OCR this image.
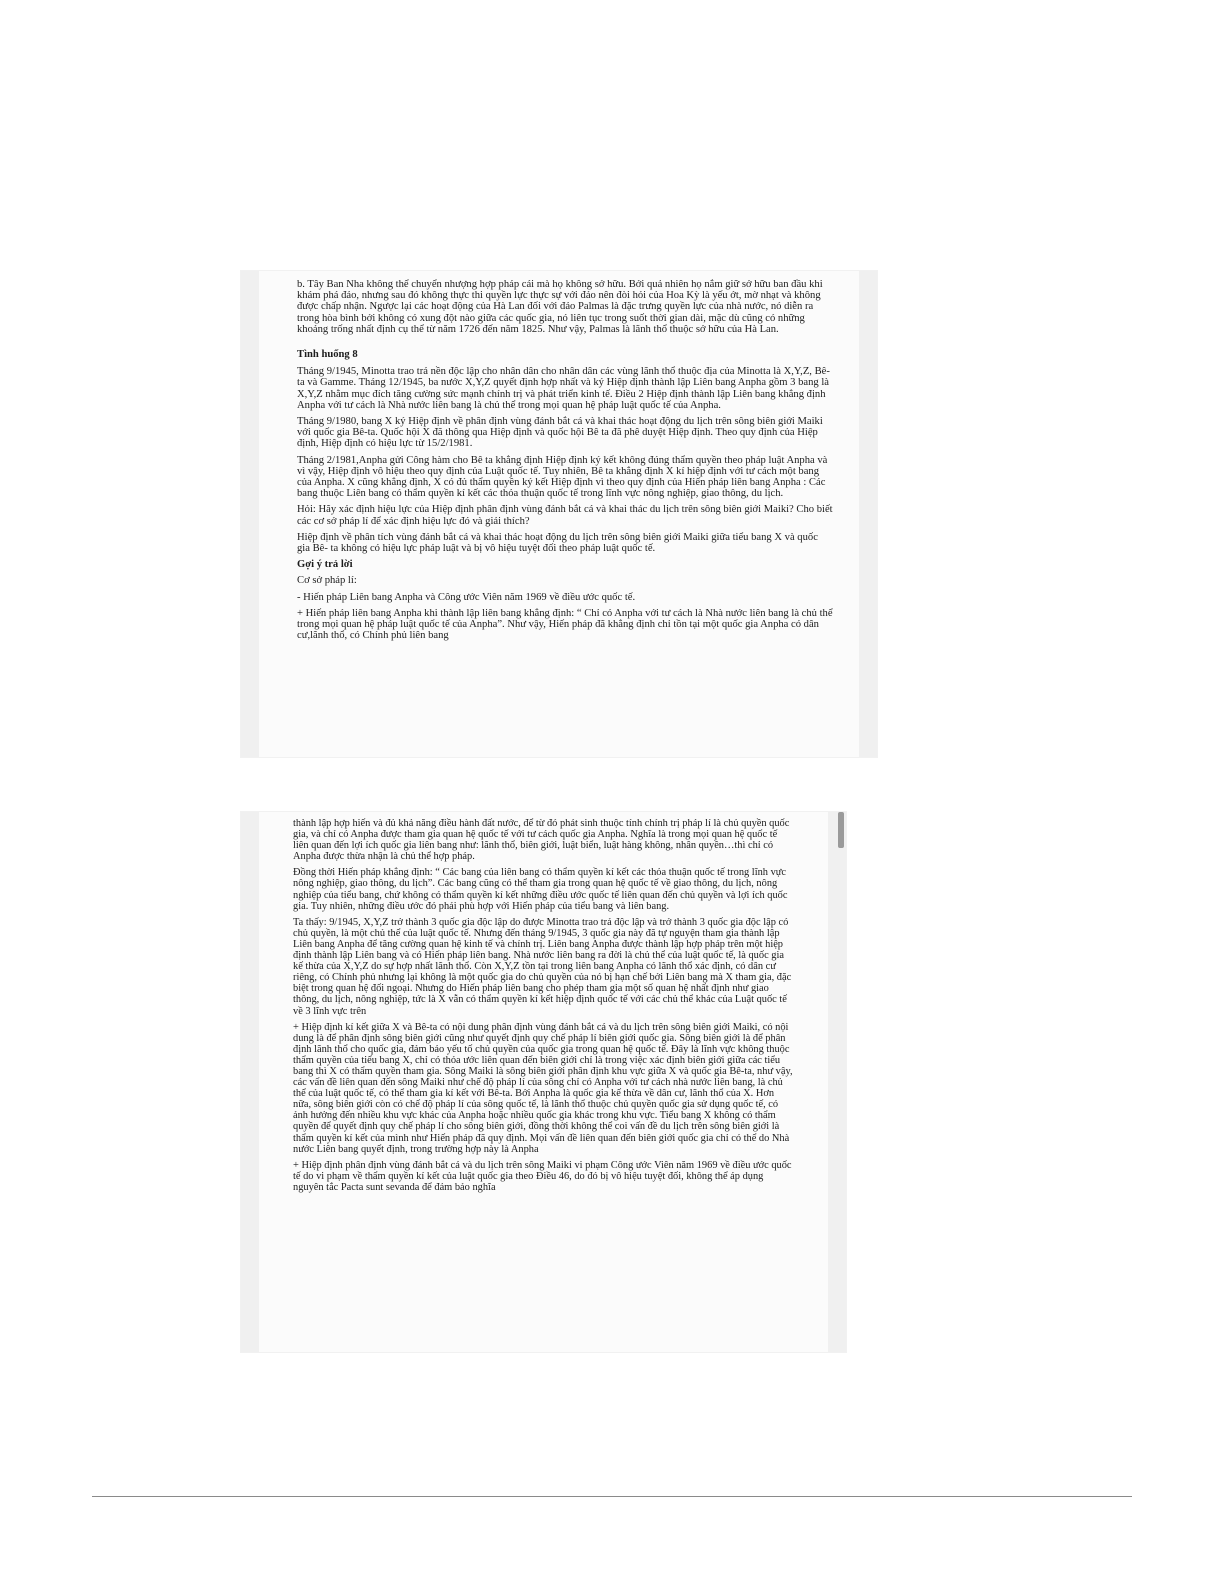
b. Tây Ban Nha không thể chuyển nhượng hợp pháp cái mà họ không sở hữu. Bởi quả nhiên họ nắm giữ sở hữu ban đầu khi khám phá đảo, nhưng sau đó không thực thi quyền lực thực sự với đảo nên đòi hỏi của Hoa Kỳ là yếu ớt, mờ nhạt và không được chấp nhận. Ngược lại các hoạt động của Hà Lan đối với đảo Palmas là đặc trưng quyền lực của nhà nước, nó diễn ra trong hòa bình bởi không có xung đột nào giữa các quốc gia, nó liên tục trong suốt thời gian dài, mặc dù cũng có những khoảng trống nhất định cụ thể từ năm 1726 đến năm 1825. Như vậy, Palmas là lãnh thổ thuộc sở hữu của Hà Lan.

Tình huống 8

Tháng 9/1945, Minotta trao trả nền độc lập cho nhân dân cho nhân dân các vùng lãnh thổ thuộc địa của Minotta là X,Y,Z, Bê- ta và Gamme. Tháng 12/1945, ba nước X,Y,Z quyết định hợp nhất và ký Hiệp định thành lập Liên bang Anpha gồm 3 bang là X,Y,Z nhằm mục đích tăng cường sức mạnh chính trị và phát triển kinh tế. Điều 2 Hiệp định thành lập Liên bang khẳng định Anpha với tư cách là Nhà nước liên bang là chủ thể trong mọi quan hệ pháp luật quốc tế của Anpha.

Tháng 9/1980, bang X ký Hiệp định về phân định vùng đánh bắt cá và khai thác hoạt động du lịch trên sông biên giới Maiki với quốc gia Bê-ta. Quốc hội X đã thông qua Hiệp định và quốc hội Bê ta đã phê duyệt Hiệp định. Theo quy định của Hiệp định, Hiệp định có hiệu lực từ 15/2/1981.

Tháng 2/1981,Anpha gửi Công hàm cho Bê ta khẳng định Hiệp định ký kết không đúng thẩm quyền theo pháp luật Anpha và vì vậy, Hiệp định vô hiệu theo quy định của Luật quốc tế. Tuy nhiên, Bê ta khẳng định X kí hiệp định với tư cách một bang của Anpha. X cũng khẳng định, X có đủ thẩm quyền ký kết Hiệp định vì theo quy định của Hiến pháp liên bang Anpha : Các bang thuộc Liên bang có thẩm quyền kí kết các thỏa thuận quốc tế trong lĩnh vực nông nghiệp, giao thông, du lịch.

Hỏi: Hãy xác định hiệu lực của Hiệp định phân định vùng đánh bắt cá và khai thác du lịch trên sông biên giới Maiki? Cho biết các cơ sở pháp lí để xác định hiệu lực đó và giải thích?

Hiệp định về phân tích vùng đánh bắt cá và khai thác hoạt động du lịch trên sông biên giới Maiki giữa tiểu bang X và quốc gia Bê- ta không có hiệu lực pháp luật và bị vô hiệu tuyệt đối theo pháp luật quốc tế.

Gợi ý trả lời

Cơ sở pháp lí:

- Hiến pháp Liên bang Anpha và Công ước Viên năm 1969 về điều ước quốc tế.

+ Hiến pháp liên bang Anpha khi thành lập liên bang khẳng định: “ Chỉ có Anpha với tư cách là Nhà nước liên bang là chủ thể trong mọi quan hệ pháp luật quốc tế của Anpha”. Như vậy, Hiến pháp đã khẳng định chỉ tồn tại một quốc gia Anpha có dân cư,lãnh thổ, có Chính phủ liên bang

thành lập hợp hiến và đủ khả năng điều hành đất nước, để từ đó phát sinh thuộc tính chính trị pháp lí là chủ quyền quốc gia, và chỉ có Anpha được tham gia quan hệ quốc tế với tư cách quốc gia Anpha. Nghĩa là trong mọi quan hệ quốc tế liên quan đến lợi ích quốc gia liên bang như: lãnh thổ, biên giới, luật biển, luật hàng không, nhân quyền…thì chỉ có Anpha được thừa nhận là chủ thể hợp pháp.

Đồng thời Hiến pháp khẳng định: “ Các bang của liên bang có thẩm quyền kí kết các thỏa thuận quốc tế trong lĩnh vực nông nghiệp, giao thông, du lịch”. Các bang cũng có thể tham gia trong quan hệ quốc tế về giao thông, du lịch, nông nghiệp của tiểu bang, chứ không có thẩm quyền kí kết những điều ước quốc tế liên quan đến chủ quyền và lợi ích quốc gia. Tuy nhiên, những điều ước đó phải phù hợp với Hiến pháp của tiểu bang và liên bang.

Ta thấy: 9/1945, X,Y,Z trở thành 3 quốc gia độc lập do được Minotta trao trả độc lập và trở thành 3 quốc gia độc lập có chủ quyền, là một chủ thể của luật quốc tế. Nhưng đến tháng 9/1945, 3 quốc gia này đã tự nguyện tham gia thành lập Liên bang Anpha để tăng cường quan hệ kinh tế và chính trị. Liên bang Anpha được thành lập hợp pháp trên một hiệp định thành lập Liên bang và có Hiến pháp liên bang. Nhà nước liên bang ra đời là chủ thể của luật quốc tế, là quốc gia kế thừa của X,Y,Z do sự hợp nhất lãnh thổ. Còn X,Y,Z tồn tại trong liên bang Anpha có lãnh thổ xác định, có dân cư riêng, có Chính phủ nhưng lại không là một quốc gia do chủ quyền của nó bị hạn chế bởi Liên bang mà X tham gia, đặc biệt trong quan hệ đối ngoại. Nhưng do Hiến pháp liên bang cho phép tham gia một số quan hệ nhất định như giao thông, du lịch, nông nghiệp, tức là X vẫn có thẩm quyền kí kết hiệp định quốc tế với các chủ thể khác của Luật quốc tế về 3 lĩnh vực trên

+ Hiệp định kí kết giữa X và Bê-ta có nội dung phân định vùng đánh bắt cá và du lịch trên sông biên giới Maiki, có nội dung là để phân định sông biên giới cũng như quyết định quy chế pháp lí biên giới quốc gia. Sông biên giới là để phân định lãnh thổ cho quốc gia, đảm bảo yếu tố chủ quyền của quốc gia trong quan hệ quốc tế. Đây là lĩnh vực không thuộc thẩm quyền của tiểu bang X, chỉ có thỏa ước liên quan đến biên giới chỉ là trong việc xác định biên giới giữa các tiểu bang thì X có thẩm quyền tham gia. Sông Maiki là sông biên giới phân định khu vực giữa X và quốc gia Bê-ta, như vậy, các vấn đề liên quan đến sông Maiki như chế độ pháp lí của sông chỉ có Anpha với tư cách nhà nước liên bang, là chủ thể của luật quốc tế, có thể tham gia kí kết với Bê-ta. Bởi Anpha là quốc gia kế thừa về dân cư, lãnh thổ của X. Hơn nữa, sông biên giới còn có chế độ pháp lí của sông quốc tế, là lãnh thổ thuộc chủ quyền quốc gia sử dụng quốc tế, có ảnh hưởng đến nhiều khu vực khác của Anpha hoặc nhiều quốc gia khác trong khu vực. Tiểu bang X không có thẩm quyền để quyết định quy chế pháp lí cho sông biên giới, đồng thời không thể coi vấn đề du lịch trên sông biên giới là thẩm quyền kí kết của mình như Hiến pháp đã quy định. Mọi vấn đề liên quan đến biên giới quốc gia chỉ có thể do Nhà nước Liên bang quyết định, trong trường hợp này là Anpha

+ Hiệp định phân định vùng đánh bắt cá và du lịch trên sông Maiki vi phạm Công ước Viên năm 1969 về điều ước quốc tế do vi phạm về thẩm quyền kí kết của luật quốc gia theo Điều 46, do đó bị vô hiệu tuyệt đối, không thể áp dụng nguyên tắc Pacta sunt sevanda để đảm bảo nghĩa
